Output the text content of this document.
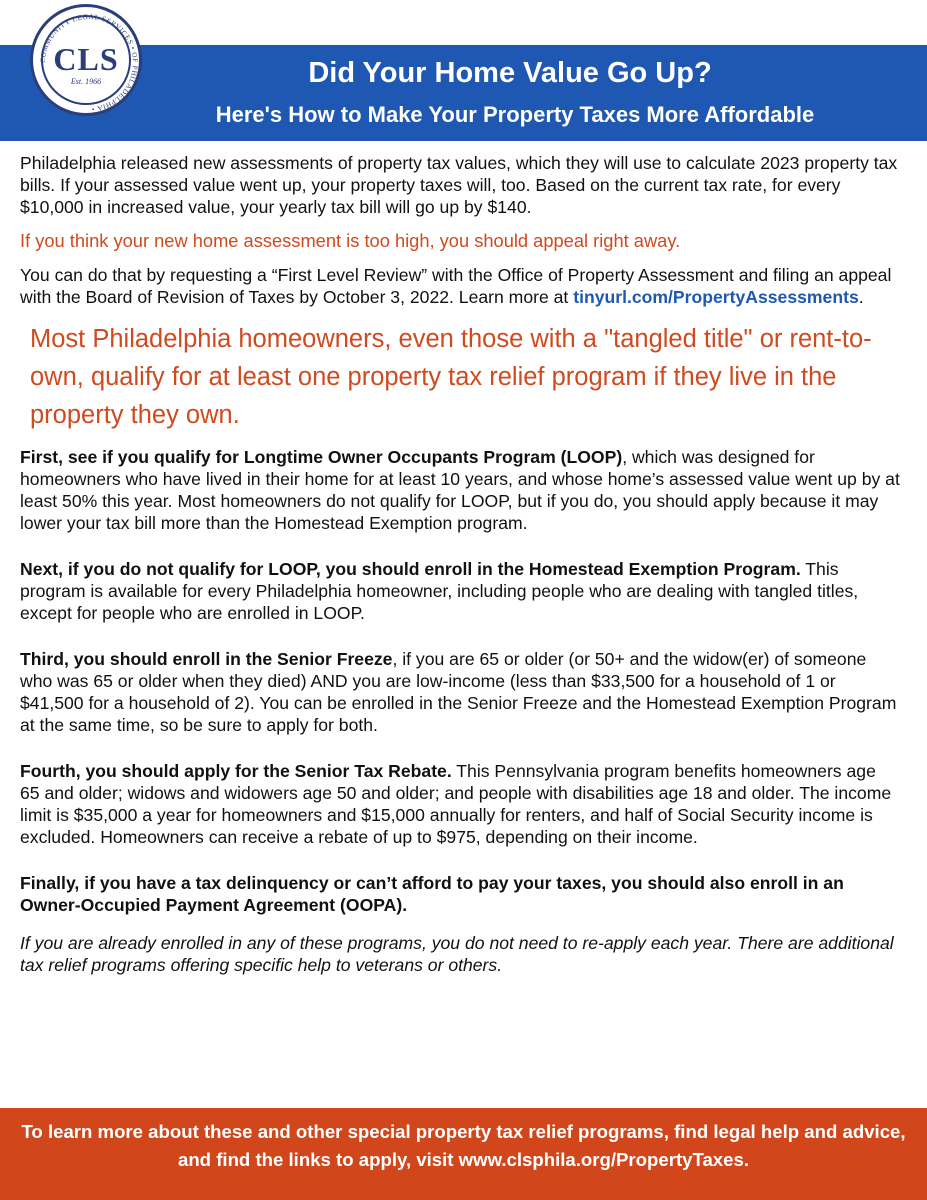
COMMUNITY LEGAL SERVICES • OF PHILADELPHIA •
CLS
Est. 1966	Did Your Home Value Go Up?
Here's How to Make Your Property Taxes More Affordable

Philadelphia released new assessments of property tax values, which they will use to calculate 2023 property tax bills. If your assessed value went up, your property taxes will, too. Based on the current tax rate, for every $10,000 in increased value, your yearly tax bill will go up by $140.

If you think your new home assessment is too high, you should appeal right away.

You can do that by requesting a “First Level Review” with the Office of Property Assessment and filing an appeal with the Board of Revision of Taxes by October 3, 2022. Learn more at tinyurl.com/PropertyAssessments.

Most Philadelphia homeowners, even those with a "tangled title" or rent-to-own, qualify for at least one property tax relief program if they live in the property they own.

First, see if you qualify for Longtime Owner Occupants Program (LOOP), which was designed for homeowners who have lived in their home for at least 10 years, and whose home’s assessed value went up by at least 50% this year. Most homeowners do not qualify for LOOP, but if you do, you should apply because it may lower your tax bill more than the Homestead Exemption program.

Next, if you do not qualify for LOOP, you should enroll in the Homestead Exemption Program. This program is available for every Philadelphia homeowner, including people who are dealing with tangled titles, except for people who are enrolled in LOOP.

Third, you should enroll in the Senior Freeze, if you are 65 or older (or 50+ and the widow(er) of someone who was 65 or older when they died) AND you are low-income (less than $33,500 for a household of 1 or $41,500 for a household of 2). You can be enrolled in the Senior Freeze and the Homestead Exemption Program at the same time, so be sure to apply for both.

Fourth, you should apply for the Senior Tax Rebate. This Pennsylvania program benefits homeowners age 65 and older; widows and widowers age 50 and older; and people with disabilities age 18 and older. The income limit is $35,000 a year for homeowners and $15,000 annually for renters, and half of Social Security income is excluded. Homeowners can receive a rebate of up to $975, depending on their income.

Finally, if you have a tax delinquency or can’t afford to pay your taxes, you should also enroll in an Owner-Occupied Payment Agreement (OOPA).

If you are already enrolled in any of these programs, you do not need to re-apply each year. There are additional tax relief programs offering specific help to veterans or others.

To learn more about these and other special property tax relief programs, find legal help and advice, and find the links to apply, visit www.clsphila.org/PropertyTaxes.
